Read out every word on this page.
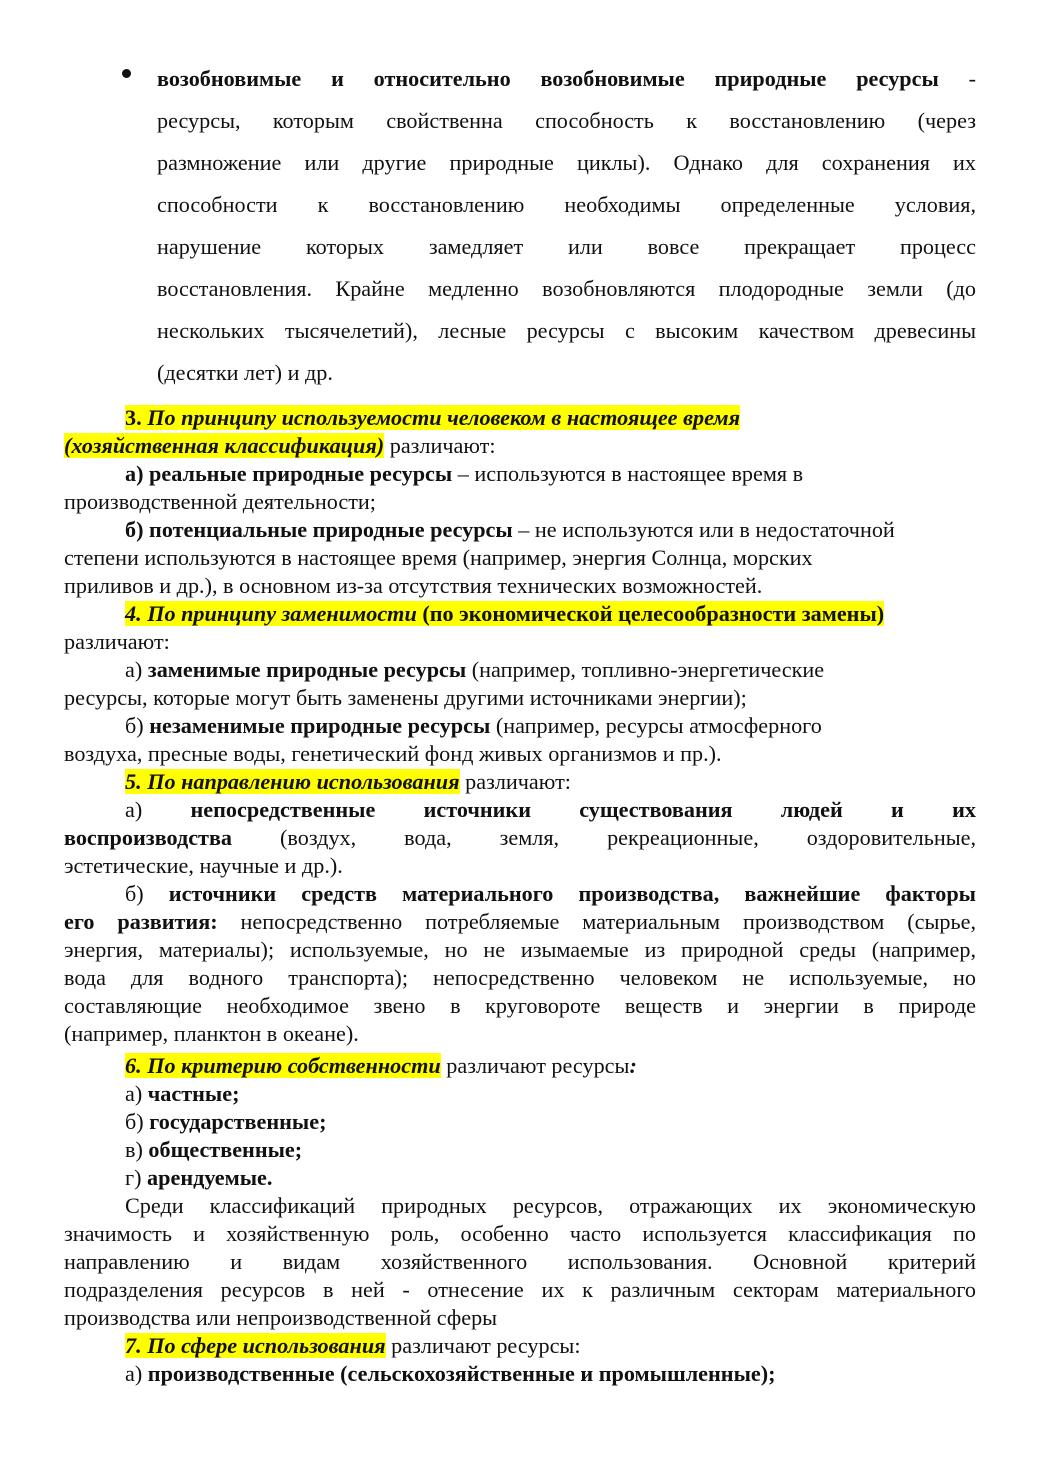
возобновимые и относительно возобновимые природные ресурсы -

ресурсы, которым свойственна способность к восстановлению (через

размножение или другие природные циклы). Однако для сохранения их

способности к восстановлению необходимы определенные условия,

нарушение которых замедляет или вовсе прекращает процесс

восстановления. Крайне медленно возобновляются плодородные земли (до

нескольких тысячелетий), лесные ресурсы с высоким качеством древесины

(десятки лет) и др.

3. По принципу используемости человеком в настоящее время

(хозяйственная классификация) различают:

а) реальные природные ресурсы – используются в настоящее время в

производственной деятельности;

б) потенциальные природные ресурсы – не используются или в недостаточной

степени используются в настоящее время (например, энергия Солнца, морских

приливов и др.), в основном из-за отсутствия технических возможностей.

4. По принципу заменимости (по экономической целесообразности замены)

различают:

а) заменимые природные ресурсы (например, топливно-энергетические

ресурсы, которые могут быть заменены другими источниками энергии);

б) незаменимые природные ресурсы (например, ресурсы атмосферного

воздуха, пресные воды, генетический фонд живых организмов и пр.).

5. По направлению использования различают:

а) непосредственные источники существования людей и их

воспроизводства (воздух, вода, земля, рекреационные, оздоровительные,

эстетические, научные и др.).

б) источники средств материального производства, важнейшие факторы

его развития: непосредственно потребляемые материальным производством (сырье,

энергия, материалы); используемые, но не изымаемые из природной среды (например,

вода для водного транспорта); непосредственно человеком не используемые, но

составляющие необходимое звено в круговороте веществ и энергии в природе

(например, планктон в океане).

6. По критерию собственности различают ресурсы:

а) частные;

б) государственные;

в) общественные;

г) арендуемые.

Среди классификаций природных ресурсов, отражающих их экономическую

значимость и хозяйственную роль, особенно часто используется классификация по

направлению и видам хозяйственного использования. Основной критерий

подразделения ресурсов в ней - отнесение их к различным секторам материального

производства или непроизводственной сферы

7. По сфере использования различают ресурсы:

а) производственные (сельскохозяйственные и промышленные);
